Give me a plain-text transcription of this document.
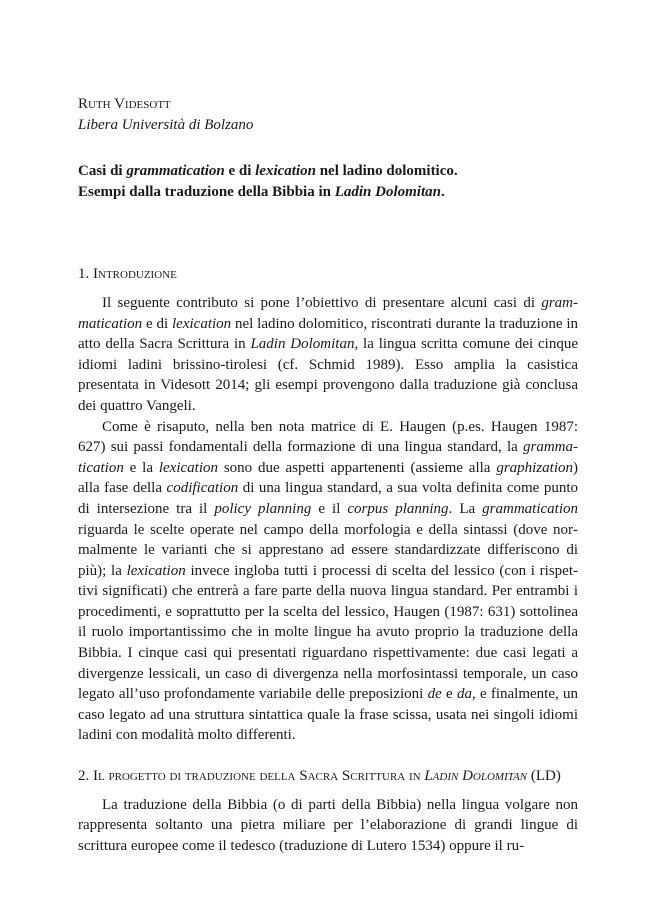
Ruth Videsott

Libera Università di Bolzano

Casi di grammatication e di lexication nel ladino dolomitico.

Esempi dalla traduzione della Bibbia in Ladin Dolomitan.

1. Introduzione

Il seguente contributo si pone l’obiettivo di presentare alcuni casi di grammatication e di lexication nel ladino dolomitico, riscontrati durante la traduzione in atto della Sacra Scrittura in Ladin Dolomitan, la lingua scritta comune dei cinque idiomi ladini brissino-tirolesi (cf. Schmid 1989). Esso amplia la casistica presentata in Videsott 2014; gli esempi provengono dalla traduzione già conclusa dei quattro Vangeli.

Come è risaputo, nella ben nota matrice di E. Haugen (p.es. Haugen 1987: 627) sui passi fondamentali della formazione di una lingua standard, la grammatication e la lexication sono due aspetti appartenenti (assieme alla graphization) alla fase della codification di una lingua standard, a sua volta definita come punto di intersezione tra il policy planning e il corpus planning. La grammatication riguarda le scelte operate nel campo della morfologia e della sintassi (dove normalmente le varianti che si apprestano ad essere standardizzate differiscono di più); la lexication invece ingloba tutti i processi di scelta del lessico (con i rispettivi significati) che entrerà a fare parte della nuova lingua standard. Per entrambi i procedimenti, e soprattutto per la scelta del lessico, Haugen (1987: 631) sottolinea il ruolo importantissimo che in molte lingue ha avuto proprio la traduzione della Bibbia. I cinque casi qui presentati riguardano rispettivamente: due casi legati a divergenze lessicali, un caso di divergenza nella morfosintassi temporale, un caso legato all’uso profondamente variabile delle preposizioni de e da, e finalmente, un caso legato ad una struttura sintattica quale la frase scissa, usata nei singoli idiomi ladini con modalità molto differenti.

2. Il progetto di traduzione della Sacra Scrittura in Ladin Dolomitan (LD)

La traduzione della Bibbia (o di parti della Bibbia) nella lingua volgare non rappresenta soltanto una pietra miliare per l’elaborazione di grandi lingue di scrittura europee come il tedesco (traduzione di Lutero 1534) oppure il ru-
